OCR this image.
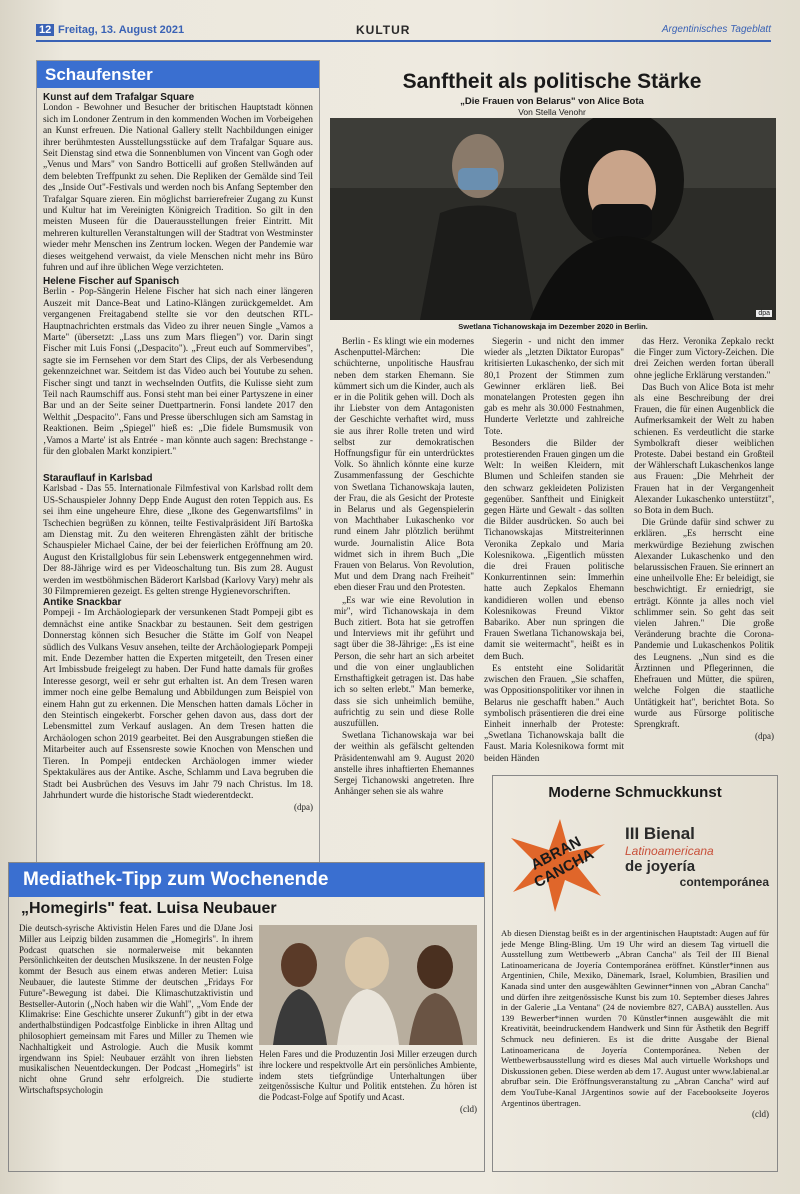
12 Freitag, 13. August 2021	KULTUR	Argentinisches Tageblatt
Schaufenster
Kunst auf dem Trafalgar Square

London - Bewohner und Besucher der britischen Hauptstadt können sich im Londoner Zentrum in den kommenden Wochen im Vorbeigehen an Kunst erfreuen. Die National Gallery stellt Nachbildungen einiger ihrer berühmtesten Ausstellungsstücke auf dem Trafalgar Square aus. Seit Dienstag sind etwa die Sonnenblumen von Vincent van Gogh oder „Venus und Mars" von Sandro Botticelli auf großen Stellwänden auf dem belebten Treffpunkt zu sehen. Die Repliken der Gemälde sind Teil des „Inside Out"-Festivals und werden noch bis Anfang September den Trafalgar Square zieren. Ein möglichst barrierefreier Zugang zu Kunst und Kultur hat im Vereinigten Königreich Tradition. So gilt in den meisten Museen für die Dauerausstellungen freier Eintritt. Mit mehreren kulturellen Veranstaltungen will der Stadtrat von Westminster wieder mehr Menschen ins Zentrum locken. Wegen der Pandemie war dieses weitgehend verwaist, da viele Menschen nicht mehr ins Büro fuhren und auf ihre üblichen Wege verzichteten.

Helene Fischer auf Spanisch

Berlin - Pop-Sängerin Helene Fischer hat sich nach einer längeren Auszeit mit Dance-Beat und Latino-Klängen zurückgemeldet. Am vergangenen Freitagabend stellte sie vor den deutschen RTL-Hauptnachrichten erstmals das Video zu ihrer neuen Single „Vamos a Marte" (übersetzt: „Lass uns zum Mars fliegen") vor. Darin singt Fischer mit Luis Fonsi („Despacito"). „Freut euch auf Sommervibes", sagte sie im Fernsehen vor dem Start des Clips, der als Verbesendung gekennzeichnet war. Seitdem ist das Video auch bei Youtube zu sehen. Fischer singt und tanzt in wechselnden Outfits, die Kulisse sieht zum Teil nach Raumschiff aus. Fonsi steht man bei einer Partyszene in einer Bar und an der Seite seiner Duettpartnerin. Fonsi landete 2017 den Welthit „Despacito". Fans und Presse überschlugen sich am Samstag in Reaktionen. Beim „Spiegel" hieß es: „Die fidele Bumsmusik von ‚Vamos a Marte' ist als Entrée - man könnte auch sagen: Brechstange - für den globalen Markt konzipiert."

Starauflauf in Karlsbad

Karlsbad - Das 55. Internationale Filmfestival von Karlsbad rollt dem US-Schauspieler Johnny Depp Ende August den roten Teppich aus. Es sei ihm eine ungeheure Ehre, diese „Ikone des Gegenwartsfilms" in Tschechien begrüßen zu können, teilte Festivalpräsident Jiří Bartoška am Dienstag mit. Zu den weiteren Ehrengästen zählt der britische Schauspieler Michael Caine, der bei der feierlichen Eröffnung am 20. August den Kristallglobus für sein Lebenswerk entgegennehmen wird. Der 88-Jährige wird es per Videoschaltung tun. Bis zum 28. August werden im westböhmischen Bäderort Karlsbad (Karlovy Vary) mehr als 30 Filmpremieren gezeigt. Es gelten strenge Hygienevorschriften.

Antike Snackbar

Pompeji - Im Archäologiepark der versunkenen Stadt Pompeji gibt es demnächst eine antike Snackbar zu bestaunen. Seit dem gestrigen Donnerstag können sich Besucher die Stätte im Golf von Neapel südlich des Vulkans Vesuv ansehen, teilte der Archäologiepark Pompeji mit. Ende Dezember hatten die Experten mitgeteilt, den Tresen einer Art Imbissbude freigelegt zu haben. Der Fund hatte damals für großes Interesse gesorgt, weil er sehr gut erhalten ist. An dem Tresen waren immer noch eine gelbe Bemalung und Abbildungen zum Beispiel von einem Hahn gut zu erkennen. Die Menschen hatten damals Löcher in den Steintisch eingekerbt. Forscher gehen davon aus, dass dort der Lebensmittel zum Verkauf auslagen. An dem Tresen hatten die Archäologen schon 2019 gearbeitet. Bei den Ausgrabungen stießen die Mitarbeiter auch auf Essensreste sowie Knochen von Menschen und Tieren. In Pompeji entdecken Archäologen immer wieder Spektakuläres aus der Antike. Asche, Schlamm und Lava begruben die Stadt bei Ausbrüchen des Vesuvs im Jahr 79 nach Christus. Im 18. Jahrhundert wurde die historische Stadt wiederentdeckt.

(dpa)
Sanftheit als politische Stärke
„Die Frauen von Belarus" von Alice Bota
Von Stella Venohr
dpa
Swetlana Tichanowskaja im Dezember 2020 in Berlin.

Berlin - Es klingt wie ein modernes Aschenputtel-Märchen: Die schüchterne, unpolitische Hausfrau neben dem starken Ehemann. Sie kümmert sich um die Kinder, auch als er in die Politik gehen will. Doch als ihr Liebster von dem Antagonisten der Geschichte verhaftet wird, muss sie aus ihrer Rolle treten und wird selbst zur demokratischen Hoffnungsfigur für ein unterdrücktes Volk. So ähnlich könnte eine kurze Zusammenfassung der Geschichte von Swetlana Tichanowskaja lauten, der Frau, die als Gesicht der Proteste in Belarus und als Gegenspielerin von Machthaber Lukaschenko vor rund einem Jahr plötzlich berühmt wurde. Journalistin Alice Bota widmet sich in ihrem Buch „Die Frauen von Belarus. Von Revolution, Mut und dem Drang nach Freiheit" eben dieser Frau und den Protesten.

„Es war wie eine Revolution in mir", wird Tichanowskaja in dem Buch zitiert. Bota hat sie getroffen und Interviews mit ihr geführt und sagt über die 38-Jährige: „Es ist eine Person, die sehr hart an sich arbeitet und die von einer unglaublichen Ernsthaftigkeit getragen ist. Das habe ich so selten erlebt." Man bemerke, dass sie sich unheimlich bemühe, aufrichtig zu sein und diese Rolle auszufüllen.

Swetlana Tichanowskaja war bei der weithin als gefälscht geltenden Präsidentenwahl am 9. August 2020 anstelle ihres inhaftierten Ehemannes Sergej Tichanowski angetreten. Ihre Anhänger sehen sie als wahre

Siegerin - und nicht den immer wieder als „letzten Diktator Europas" kritisierten Lukaschenko, der sich mit 80,1 Prozent der Stimmen zum Gewinner erklären ließ. Bei monatelangen Protesten gegen ihn gab es mehr als 30.000 Festnahmen, Hunderte Verletzte und zahlreiche Tote.

Besonders die Bilder der protestierenden Frauen gingen um die Welt: In weißen Kleidern, mit Blumen und Schleifen standen sie den schwarz gekleideten Polizisten gegenüber. Sanftheit und Einigkeit gegen Härte und Gewalt - das sollten die Bilder ausdrücken. So auch bei Tichanowskajas Mitstreiterinnen Veronika Zepkalo und Maria Kolesnikowa. „Eigentlich müssten die drei Frauen politische Konkurrentinnen sein: Immerhin hatte auch Zepkalos Ehemann kandidieren wollen und ebenso Kolesnikowas Freund Viktor Babariko. Aber nun springen die Frauen Swetlana Tichanowskaja bei, damit sie weitermacht", heißt es in dem Buch.

Es entsteht eine Solidarität zwischen den Frauen. „Sie schaffen, was Oppositionspolitiker vor ihnen in Belarus nie geschafft haben." Auch symbolisch präsentieren die drei eine Einheit innerhalb der Proteste: „Swetlana Tichanowskaja ballt die Faust. Maria Kolesnikowa formt mit beiden Händen

das Herz. Veronika Zepkalo reckt die Finger zum Victory-Zeichen. Die drei Zeichen werden fortan überall ohne jegliche Erklärung verstanden."

Das Buch von Alice Bota ist mehr als eine Beschreibung der drei Frauen, die für einen Augenblick die Aufmerksamkeit der Welt zu haben schienen. Es verdeutlicht die starke Symbolkraft dieser weiblichen Proteste. Dabei bestand ein Großteil der Wählerschaft Lukaschenkos lange aus Frauen: „Die Mehrheit der Frauen hat in der Vergangenheit Alexander Lukaschenko unterstützt", so Bota in dem Buch.

Die Gründe dafür sind schwer zu erklären. „Es herrscht eine merkwürdige Beziehung zwischen Alexander Lukaschenko und den belarussischen Frauen. Sie erinnert an eine unheilvolle Ehe: Er beleidigt, sie beschwichtigt. Er erniedrigt, sie erträgt. Könnte ja alles noch viel schlimmer sein. So geht das seit vielen Jahren." Die große Veränderung brachte die Corona-Pandemie und Lukaschenkos Politik des Leugnens. „Nun sind es die Ärztinnen und Pflegerinnen, die Ehefrauen und Mütter, die spüren, welche Folgen die staatliche Untätigkeit hat", berichtet Bota. So wurde aus Fürsorge politische Sprengkraft.

(dpa)
Moderne Schmuckkunst
ABRAN CANCHA
III Bienal
Latinoamericana
de joyería
contemporánea

Ab diesen Dienstag beißt es in der argentinischen Hauptstadt: Augen auf für jede Menge Bling-Bling. Um 19 Uhr wird an diesem Tag virtuell die Ausstellung zum Wettbewerb „Abran Cancha" als Teil der III Bienal Latinoamericana de Joyería Contemporánea eröffnet. Künstler*innen aus Argentinien, Chile, Mexiko, Dänemark, Israel, Kolumbien, Brasilien und Kanada sind unter den ausgewählten Gewinner*innen von „Abran Cancha" und dürfen ihre zeitgenössische Kunst bis zum 10. September dieses Jahres in der Galerie „La Ventana" (24 de noviembre 827, CABA) ausstellen. Aus 139 Bewerber*innen wurden 70 Künstler*innen ausgewählt die mit Kreativität, beeindruckendem Handwerk und Sinn für Ästhetik den Begriff Schmuck neu definieren. Es ist die dritte Ausgabe der Bienal Latinoamericana de Joyería Contemporánea. Neben der Wettbewerbsausstellung wird es dieses Mal auch virtuelle Workshops und Diskussionen geben. Diese werden ab dem 17. August unter www.labienal.ar abrufbar sein. Die Eröffnungsveranstaltung zu „Abran Cancha" wird auf dem YouTube-Kanal JArgentinos sowie auf der Facebookseite Joyeros Argentinos übertragen.

(cld)
Mediathek-Tipp zum Wochenende
„Homegirls" feat. Luisa Neubauer

Die deutsch-syrische Aktivistin Helen Fares und die DJane Josi Miller aus Leipzig bilden zusammen die „Homegirls". In ihrem Podcast quatschen sie normalerweise mit bekannten Persönlichkeiten der deutschen Musikszene. In der neusten Folge kommt der Besuch aus einem etwas anderen Metier: Luisa Neubauer, die lauteste Stimme der deutschen „Fridays For Future"-Bewegung ist dabei. Die Klimaschutzaktivistin und Bestseller-Autorin („Noch haben wir die Wahl", „Vom Ende der Klimakrise: Eine Geschichte unserer Zukunft") gibt in der etwa anderthalbstündigen Podcastfolge Einblicke in ihren Alltag und philosophiert gemeinsam mit Fares und Miller zu Themen wie Nachhaltigkeit und Astrologie. Auch die Musik kommt irgendwann ins Spiel: Neubauer erzählt von ihren liebsten musikalischen Neuentdeckungen. Der Podcast „Homegirls" ist nicht ohne Grund sehr erfolgreich. Die studierte Wirtschaftspsychologin

Helen Fares und die Produzentin Josi Miller erzeugen durch ihre lockere und respektvolle Art ein persönliches Ambiente, indem stets tiefgründige Unterhaltungen über zeitgenössische Kultur und Politik entstehen. Zu hören ist die Podcast-Folge auf Spotify und Acast.

(cld)
